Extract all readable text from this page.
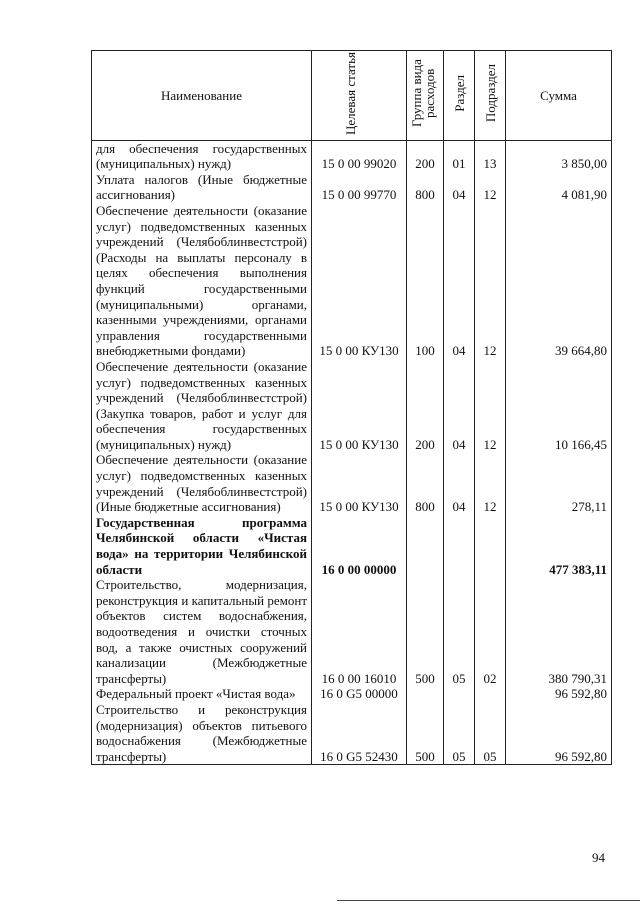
Наименование	Целевая статья	Группа вида расходов	Раздел	Подраздел	Сумма
для обеспечения государственных (муниципальных) нужд)	15 0 00 99020	200	01	13	3 850,00
Уплата налогов (Иные бюджетные ассигнования)	15 0 00 99770	800	04	12	4 081,90
Обеспечение деятельности (оказание услуг) подведомственных казенных учреждений (Челябоблинвестстрой) (Расходы на выплаты персоналу в целях обеспечения выполнения функций государственными (муниципальными) органами, казенными учреждениями, органами управления государственными внебюджетными фондами)	15 0 00 КУ130	100	04	12	39 664,80
Обеспечение деятельности (оказание услуг) подведомственных казенных учреждений (Челябоблинвестстрой) (Закупка товаров, работ и услуг для обеспечения государственных (муниципальных) нужд)	15 0 00 КУ130	200	04	12	10 166,45
Обеспечение деятельности (оказание услуг) подведомственных казенных учреждений (Челябоблинвестстрой) (Иные бюджетные ассигнования)	15 0 00 КУ130	800	04	12	278,11
Государственная программа Челябинской области «Чистая вода» на территории Челябинской области	16 0 00 00000				477 383,11
Строительство, модернизация, реконструкция и капитальный ремонт объектов систем водоснабжения, водоотведения и очистки сточных вод, а также очистных сооружений канализации (Межбюджетные трансферты)	16 0 00 16010	500	05	02	380 790,31
Федеральный проект «Чистая вода»	16 0 G5 00000				96 592,80
Строительство и реконструкция (модернизация) объектов питьевого водоснабжения (Межбюджетные трансферты)	16 0 G5 52430	500	05	05	96 592,80
94
